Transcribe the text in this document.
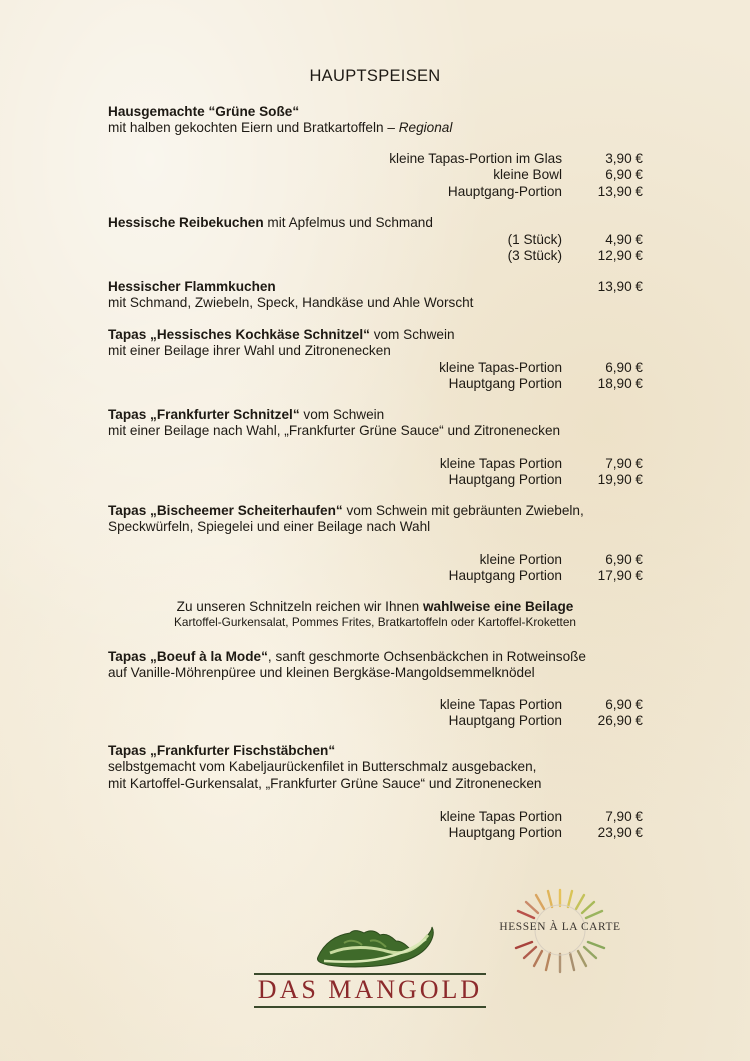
HAUPTSPEISEN
Hausgemachte “Grüne Soße“
mit halben gekochten Eiern und Bratkartoffeln – Regional
kleine Tapas-Portion im Glas	3,90 €
kleine Bowl	6,90 €
Hauptgang-Portion	13,90 €
Hessische Reibekuchen mit Apfelmus und Schmand
(1 Stück)	4,90 €
(3 Stück)	12,90 €
Hessischer Flammkuchen
mit Schmand, Zwiebeln, Speck, Handkäse und Ahle Worscht
13,90 €
Tapas „Hessisches Kochkäse Schnitzel“ vom Schwein
mit einer Beilage ihrer Wahl und Zitronenecken
kleine Tapas-Portion	6,90 €
Hauptgang Portion	18,90 €
Tapas „Frankfurter Schnitzel“ vom Schwein
mit einer Beilage nach Wahl, „Frankfurter Grüne Sauce“ und Zitronenecken
kleine Tapas Portion	7,90 €
Hauptgang Portion	19,90 €
Tapas „Bischeemer Scheiterhaufen“ vom Schwein mit gebräunten Zwiebeln,
Speckwürfeln, Spiegelei und einer Beilage nach Wahl
kleine Portion	6,90 €
Hauptgang Portion	17,90 €
Zu unseren Schnitzeln reichen wir Ihnen wahlweise eine Beilage
Kartoffel-Gurkensalat, Pommes Frites, Bratkartoffeln oder Kartoffel-Kroketten
Tapas „Boeuf à la Mode“, sanft geschmorte Ochsenbäckchen in Rotweinsoße
auf Vanille-Möhrenpüree und kleinen Bergkäse-Mangoldsemmelknödel
kleine Tapas Portion	6,90 €
Hauptgang Portion	26,90 €
Tapas „Frankfurter Fischstäbchen“
selbstgemacht vom Kabeljaurückenfilet in Butterschmalz ausgebacken,
mit Kartoffel-Gurkensalat, „Frankfurter Grüne Sauce“ und Zitronenecken
kleine Tapas Portion	7,90 €
Hauptgang Portion	23,90 €
DAS MANGOLD
HESSEN À LA CARTE
